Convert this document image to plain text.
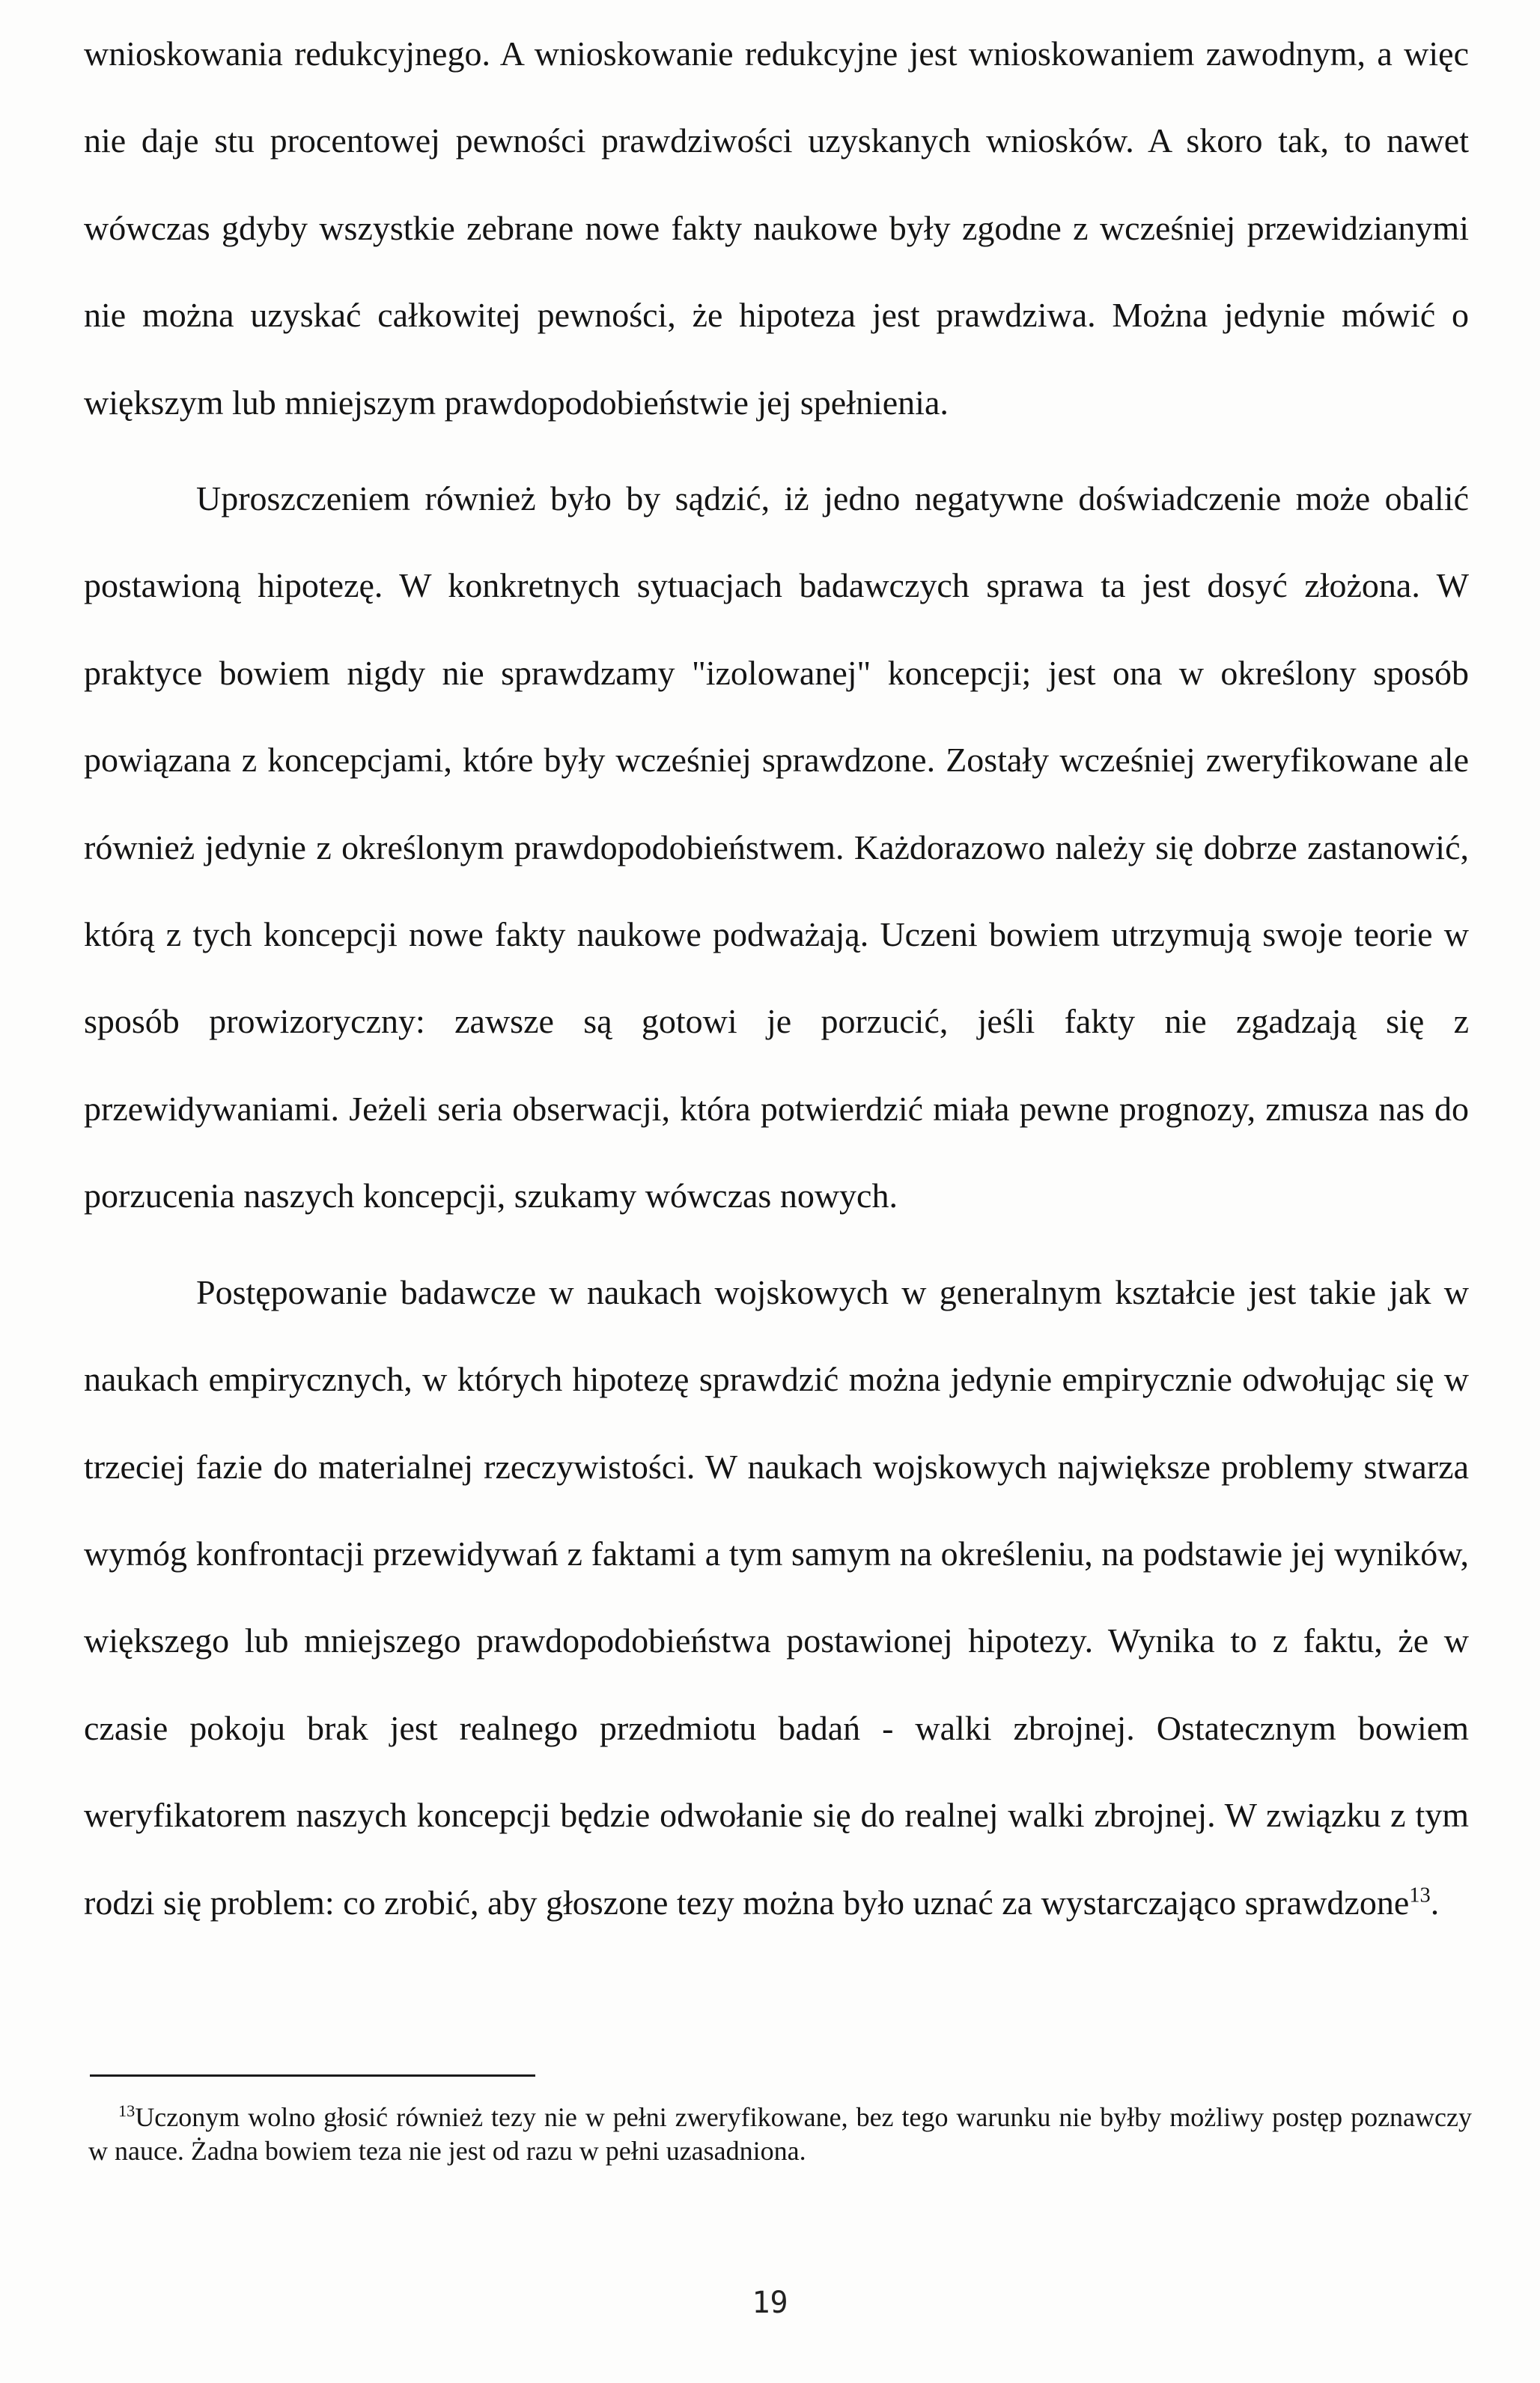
wnioskowania redukcyjnego. A wnioskowanie redukcyjne jest wnioskowaniem zawodnym, a więc nie daje stu procentowej pewności prawdziwości uzyskanych wniosków. A skoro tak, to nawet wówczas gdyby wszystkie zebrane nowe fakty naukowe były zgodne z wcześniej przewidzianymi nie można uzyskać całkowitej pewności, że hipoteza jest prawdziwa. Można jedynie mówić o większym lub mniejszym prawdopodobieństwie jej spełnienia.

Uproszczeniem również było by sądzić, iż jedno negatywne doświadczenie może obalić postawioną hipotezę. W konkretnych sytuacjach badawczych sprawa ta jest dosyć złożona. W praktyce bowiem nigdy nie sprawdzamy "izolowanej" koncepcji; jest ona w określony sposób powiązana z koncepcjami, które były wcześniej sprawdzone. Zostały wcześniej zweryfikowane ale również jedynie z określonym prawdopodobieństwem. Każdorazowo należy się dobrze zastanowić, którą z tych koncepcji nowe fakty naukowe podważają. Uczeni bowiem utrzymują swoje teorie w sposób prowizoryczny: zawsze są gotowi je porzucić, jeśli fakty nie zgadzają się z przewidywaniami. Jeżeli seria obserwacji, która potwierdzić miała pewne prognozy, zmusza nas do porzucenia naszych koncepcji, szukamy wówczas nowych.

Postępowanie badawcze w naukach wojskowych w generalnym kształcie jest takie jak w naukach empirycznych, w których hipotezę sprawdzić można jedynie empirycznie odwołując się w trzeciej fazie do materialnej rzeczywistości. W naukach wojskowych największe problemy stwarza wymóg konfrontacji przewidywań z faktami a tym samym na określeniu, na podstawie jej wyników, większego lub mniejszego prawdopodobieństwa postawionej hipotezy. Wynika to z faktu, że w czasie pokoju brak jest realnego przedmiotu badań - walki zbrojnej. Ostatecznym bowiem weryfikatorem naszych koncepcji będzie odwołanie się do realnej walki zbrojnej. W związku z tym rodzi się problem: co zrobić, aby głoszone tezy można było uznać za wystarczająco sprawdzone$^{13}$.

$^{13}$Uczonym wolno głosić również tezy nie w pełni zweryfikowane, bez tego warunku nie byłby możliwy postęp poznawczy w nauce. Żadna bowiem teza nie jest od razu w pełni uzasadniona.

19
